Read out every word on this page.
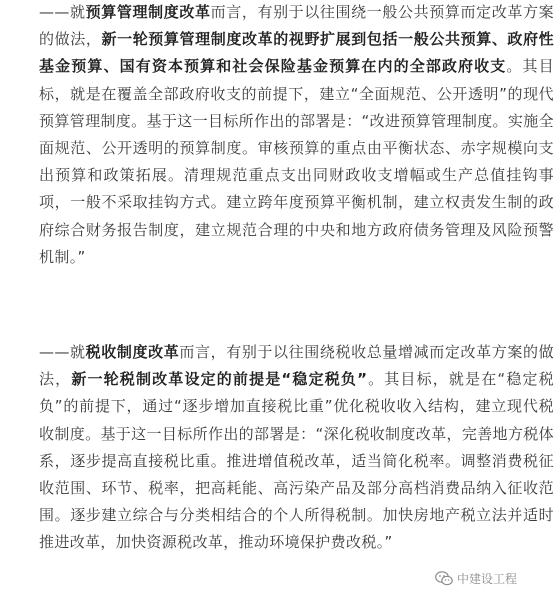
——就预算管理制度改革而言，有别于以往围绕一般公共预算而定改革方案的做法，新一轮预算管理制度改革的视野扩展到包括一般公共预算、政府性基金预算、国有资本预算和社会保险基金预算在内的全部政府收支。其目标，就是在覆盖全部政府收支的前提下，建立“全面规范、公开透明”的现代预算管理制度。基于这一目标所作出的部署是：“改进预算管理制度。实施全面规范、公开透明的预算制度。审核预算的重点由平衡状态、赤字规模向支出预算和政策拓展。清理规范重点支出同财政收支增幅或生产总值挂钩事项，一般不采取挂钩方式。建立跨年度预算平衡机制，建立权责发生制的政府综合财务报告制度，建立规范合理的中央和地方政府债务管理及风险预警机制。”

——就税收制度改革而言，有别于以往围绕税收总量增减而定改革方案的做法，新一轮税制改革设定的前提是“稳定税负”。其目标，就是在“稳定税负”的前提下，通过“逐步增加直接税比重”优化税收收入结构，建立现代税收制度。基于这一目标所作出的部署是：“深化税收制度改革，完善地方税体系，逐步提高直接税比重。推进增值税改革，适当简化税率。调整消费税征收范围、环节、税率，把高耗能、高污染产品及部分高档消费品纳入征收范围。逐步建立综合与分类相结合的个人所得税制。加快房地产税立法并适时推进改革，加快资源税改革，推动环境保护费改税。”

中建设工程
